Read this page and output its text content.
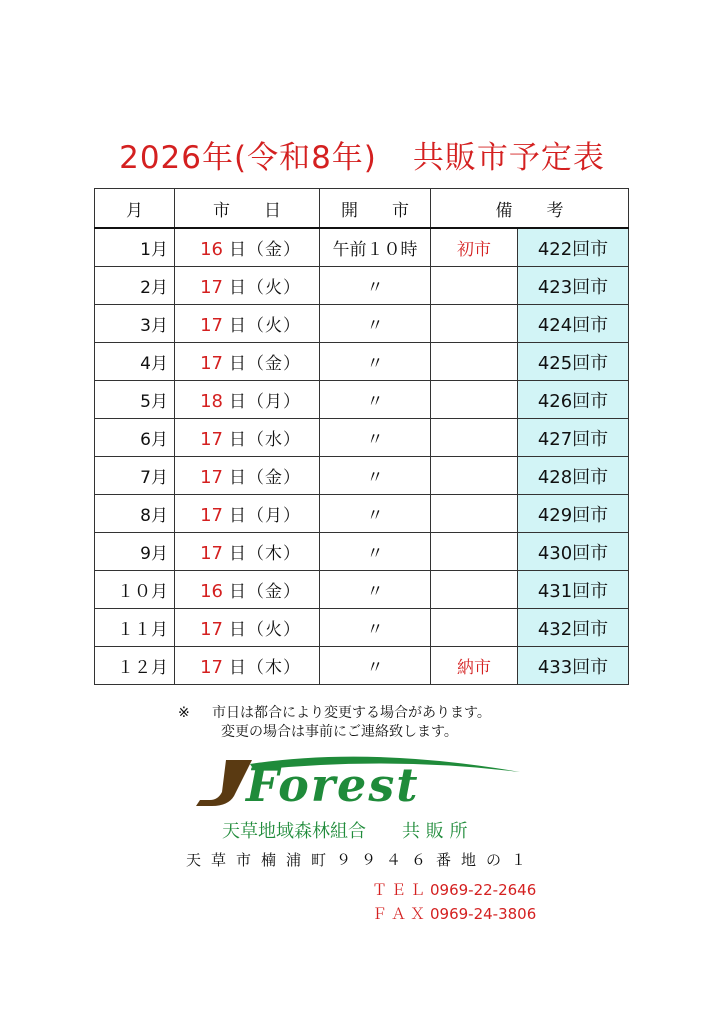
2026年(令和8年) 共販市予定表
月	市　　日	開　　市	備　　考	
1月	16 日（金）	午前１０時	初市	422回市
2月	17 日（火）	〃		423回市
3月	17 日（火）	〃		424回市
4月	17 日（金）	〃		425回市
5月	18 日（月）	〃		426回市
6月	17 日（水）	〃		427回市
7月	17 日（金）	〃		428回市
8月	17 日（月）	〃		429回市
9月	17 日（木）	〃		430回市
１０月	16 日（金）	〃		431回市
１１月	17 日（火）	〃		432回市
１２月	17 日（木）	〃	納市	433回市
※ 市日は都合により変更する場合があります。
変更の場合は事前にご連絡致します。
Forest
天草地域森林組合　　共 販 所
天草市楠浦町９９４６番地の１
ＴＥＬ0969-22-2646
ＦＡＸ0969-24-3806
